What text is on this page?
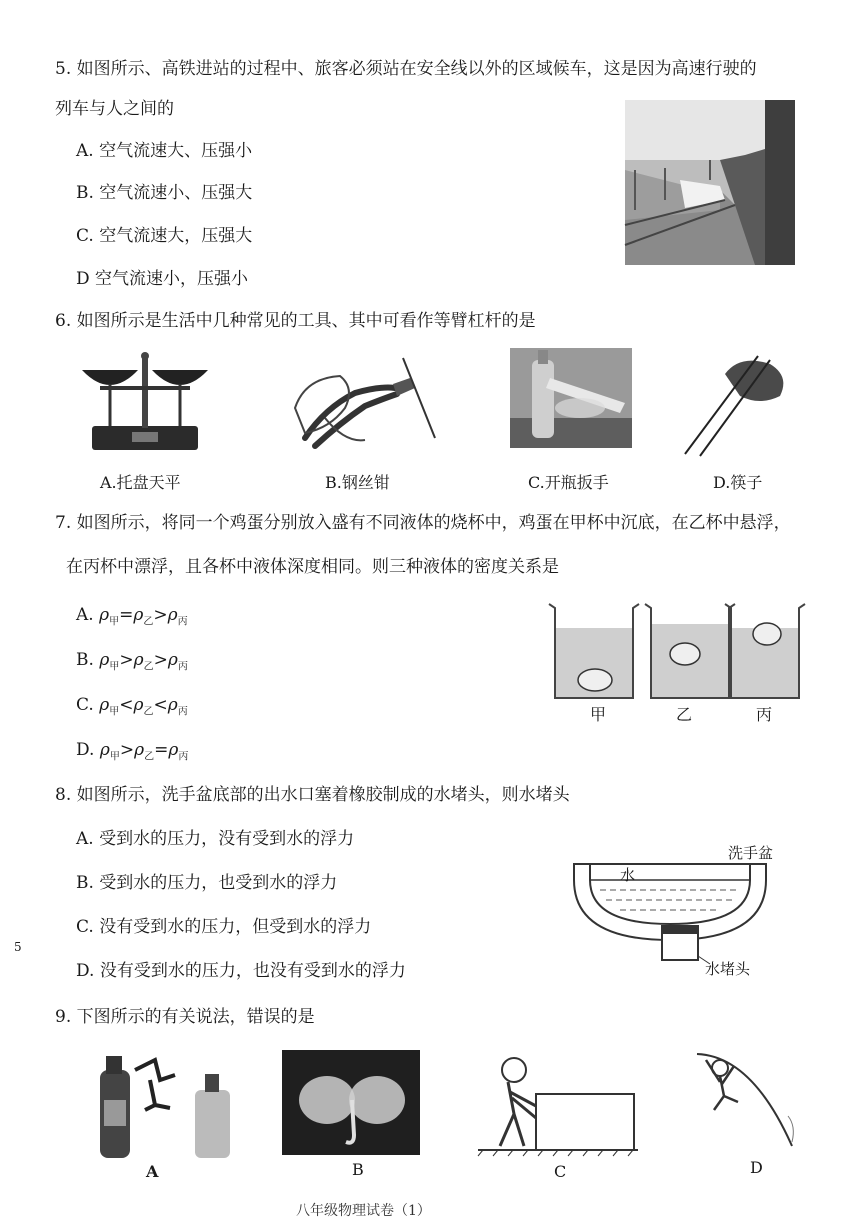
5. 如图所示、高铁进站的过程中、旅客必须站在安全线以外的区域候车，这是因为高速行驶的
列车与人之间的
A. 空气流速大、压强小
B. 空气流速小、压强大
C. 空气流速大，压强大
D 空气流速小，压强小
6. 如图所示是生活中几种常见的工具、其中可看作等臂杠杆的是
A.托盘天平	B.钢丝钳	C.开瓶扳手	D.筷子
7. 如图所示，将同一个鸡蛋分别放入盛有不同液体的烧杯中，鸡蛋在甲杯中沉底，在乙杯中悬浮，
在丙杯中漂浮，且各杯中液体深度相同。则三种液体的密度关系是
A. $\rho_甲=\rho_乙>\rho_丙$
B. $\rho_甲>\rho_乙>\rho_丙$
C. $\rho_甲<\rho_乙<\rho_丙$
D. $\rho_甲>\rho_乙=\rho_丙$
甲	乙	丙
8. 如图所示，洗手盆底部的出水口塞着橡胶制成的水堵头，则水堵头
A. 受到水的压力，没有受到水的浮力
B. 受到水的压力，也受到水的浮力
C. 没有受到水的压力，但受到水的浮力
D. 没有受到水的压力，也没有受到水的浮力
5
洗手盆
水
水堵头
9. 下图所示的有关说法，错误的是
A	B	C	D
八年级物理试卷（1）
